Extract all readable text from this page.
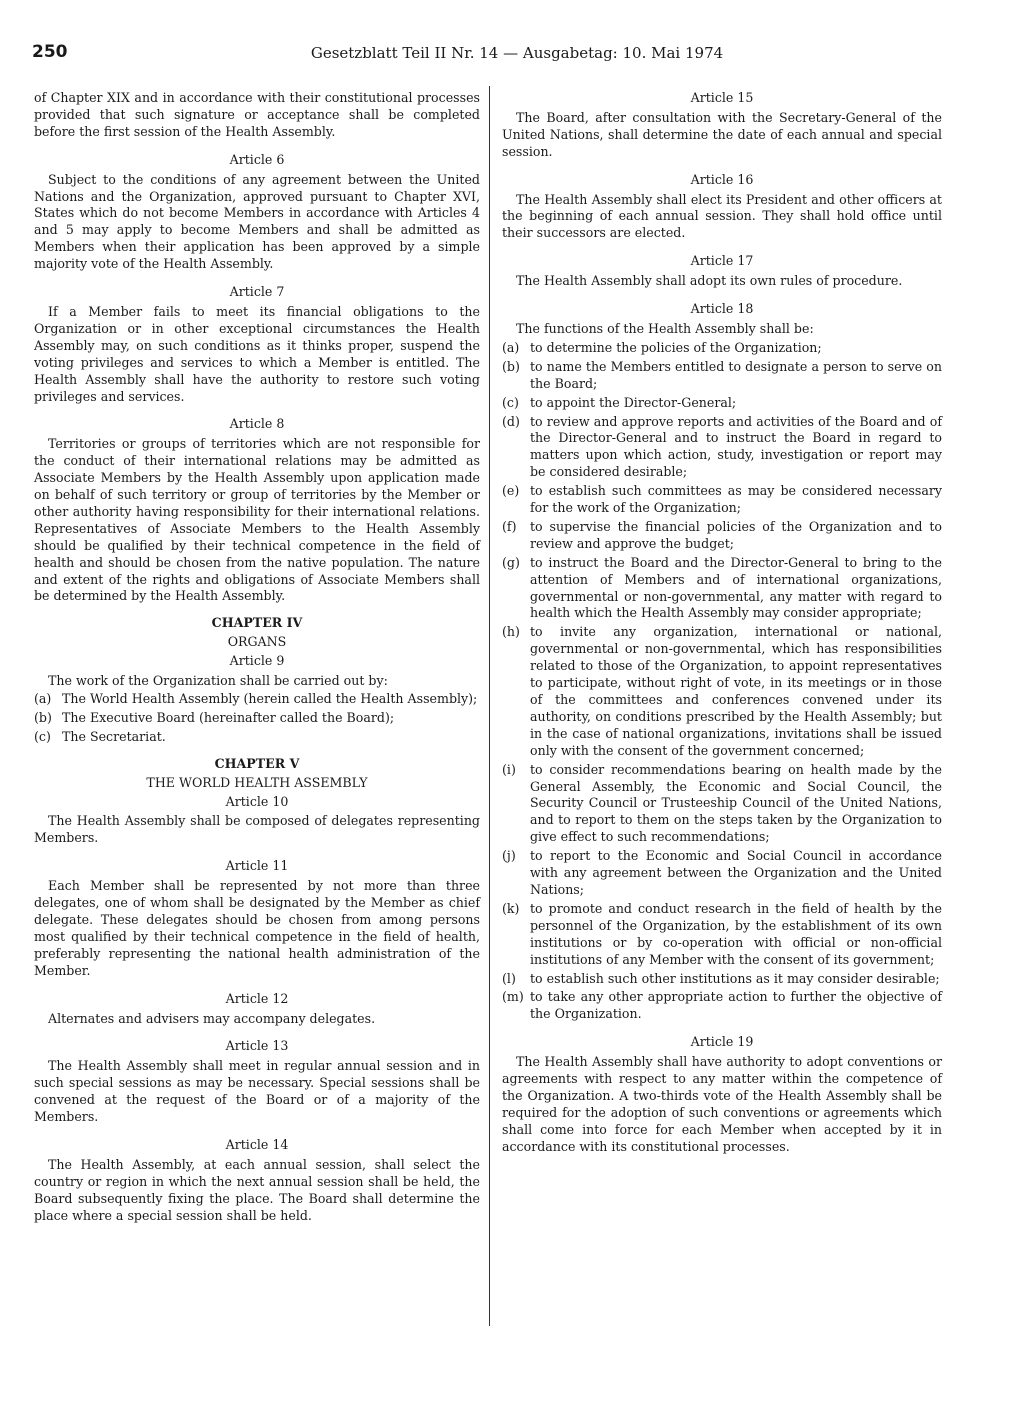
250	Gesetzblatt Teil II Nr. 14 — Ausgabetag: 10. Mai 1974

of Chapter XIX and in accordance with their constitutional processes provided that such signature or acceptance shall be completed before the first session of the Health Assembly.

Article 6

Subject to the conditions of any agreement between the United Nations and the Organization, approved pursuant to Chapter XVI, States which do not become Members in accordance with Articles 4 and 5 may apply to become Members and shall be admitted as Members when their application has been approved by a simple majority vote of the Health Assembly.

Article 7

If a Member fails to meet its financial obligations to the Organization or in other exceptional circumstances the Health Assembly may, on such conditions as it thinks proper, suspend the voting privileges and services to which a Member is entitled. The Health Assembly shall have the authority to restore such voting privileges and services.

Article 8

Territories or groups of territories which are not responsible for the conduct of their international relations may be admitted as Associate Members by the Health Assembly upon application made on behalf of such territory or group of territories by the Member or other authority having responsibility for their international relations. Representatives of Associate Members to the Health Assembly should be qualified by their technical competence in the field of health and should be chosen from the native population. The nature and extent of the rights and obligations of Associate Members shall be determined by the Health Assembly.

CHAPTER IV
ORGANS
Article 9

The work of the Organization shall be carried out by:

(a) The World Health Assembly (herein called the Health Assembly);
(b) The Executive Board (hereinafter called the Board);
(c) The Secretariat.
CHAPTER V
THE WORLD HEALTH ASSEMBLY
Article 10

The Health Assembly shall be composed of delegates representing Members.

Article 11

Each Member shall be represented by not more than three delegates, one of whom shall be designated by the Member as chief delegate. These delegates should be chosen from among persons most qualified by their technical competence in the field of health, preferably representing the national health administration of the Member.

Article 12

Alternates and advisers may accompany delegates.

Article 13

The Health Assembly shall meet in regular annual session and in such special sessions as may be necessary. Special sessions shall be convened at the request of the Board or of a majority of the Members.

Article 14

The Health Assembly, at each annual session, shall select the country or region in which the next annual session shall be held, the Board subsequently fixing the place. The Board shall determine the place where a special session shall be held.

Article 15

The Board, after consultation with the Secretary-General of the United Nations, shall determine the date of each annual and special session.

Article 16

The Health Assembly shall elect its President and other officers at the beginning of each annual session. They shall hold office until their successors are elected.

Article 17

The Health Assembly shall adopt its own rules of procedure.

Article 18

The functions of the Health Assembly shall be:

(a) to determine the policies of the Organization;
(b) to name the Members entitled to designate a person to serve on the Board;
(c) to appoint the Director-General;
(d) to review and approve reports and activities of the Board and of the Director-General and to instruct the Board in regard to matters upon which action, study, investigation or report may be considered desirable;
(e) to establish such committees as may be considered necessary for the work of the Organization;
(f)	to supervise the financial policies of the Organization and to review and approve the budget;
(g) to instruct the Board and the Director-General to bring to the attention of Members and of international organizations, governmental or non-governmental, any matter with regard to health which the Health Assembly may consider appropriate;
(h) to invite any organization, international or national, governmental or non-governmental, which has responsibilities related to those of the Organization, to appoint representatives to participate, without right of vote, in its meetings or in those of the committees and conferences convened under its authority, on conditions prescribed by the Health Assembly; but in the case of national organizations, invitations shall be issued only with the consent of the government concerned;
(i)	to consider recommendations bearing on health made by the General Assembly, the Economic and Social Council, the Security Council or Trusteeship Council of the United Nations, and to report to them on the steps taken by the Organization to give effect to such recommendations;
(j)	to report to the Economic and Social Council in accordance with any agreement between the Organization and the United Nations;
(k) to promote and conduct research in the field of health by the personnel of the Organization, by the establishment of its own institutions or by co-operation with official or non-official institutions of any Member with the consent of its government;
(l)	to establish such other institutions as it may consider desirable;
(m) to take any other appropriate action to further the objective of the Organization.
Article 19

The Health Assembly shall have authority to adopt conventions or agreements with respect to any matter within the competence of the Organization. A two-thirds vote of the Health Assembly shall be required for the adoption of such conventions or agreements which shall come into force for each Member when accepted by it in accordance with its constitutional processes.
